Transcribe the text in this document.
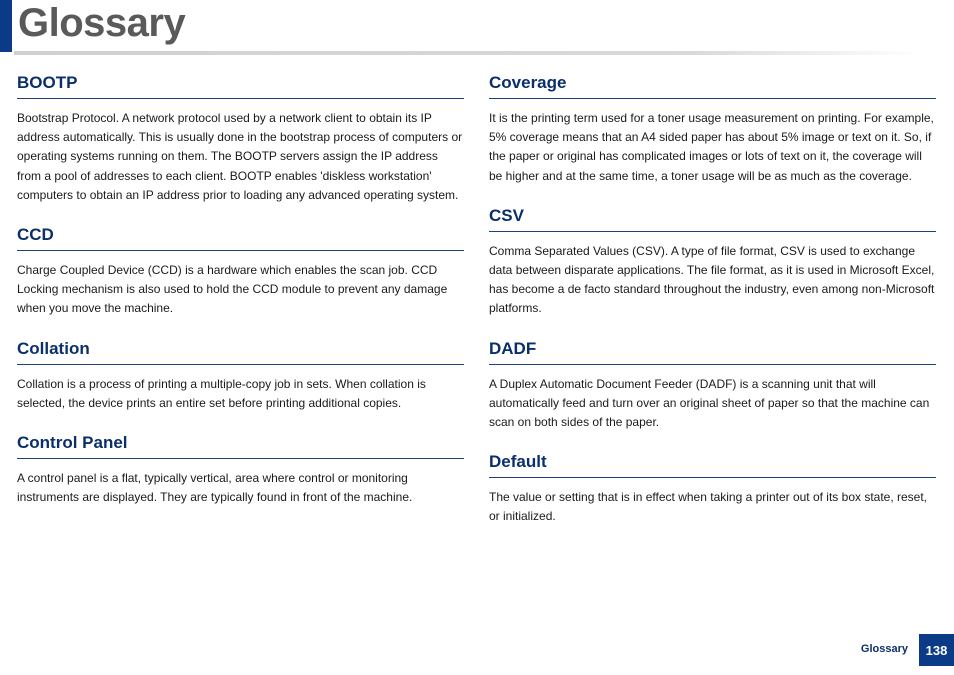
Glossary
BOOTP

Bootstrap Protocol. A network protocol used by a network client to obtain its IP address automatically. This is usually done in the bootstrap process of computers or operating systems running on them. The BOOTP servers assign the IP address from a pool of addresses to each client. BOOTP enables 'diskless workstation' computers to obtain an IP address prior to loading any advanced operating system.

CCD

Charge Coupled Device (CCD) is a hardware which enables the scan job. CCD Locking mechanism is also used to hold the CCD module to prevent any damage when you move the machine.

Collation

Collation is a process of printing a multiple-copy job in sets. When collation is selected, the device prints an entire set before printing additional copies.

Control Panel

A control panel is a flat, typically vertical, area where control or monitoring instruments are displayed. They are typically found in front of the machine.

Coverage

It is the printing term used for a toner usage measurement on printing. For example, 5% coverage means that an A4 sided paper has about 5% image or text on it. So, if the paper or original has complicated images or lots of text on it, the coverage will be higher and at the same time, a toner usage will be as much as the coverage.

CSV

Comma Separated Values (CSV). A type of file format, CSV is used to exchange data between disparate applications. The file format, as it is used in Microsoft Excel, has become a de facto standard throughout the industry, even among non-Microsoft platforms.

DADF

A Duplex Automatic Document Feeder (DADF) is a scanning unit that will automatically feed and turn over an original sheet of paper so that the machine can scan on both sides of the paper.

Default

The value or setting that is in effect when taking a printer out of its box state, reset, or initialized.

Glossary	138
